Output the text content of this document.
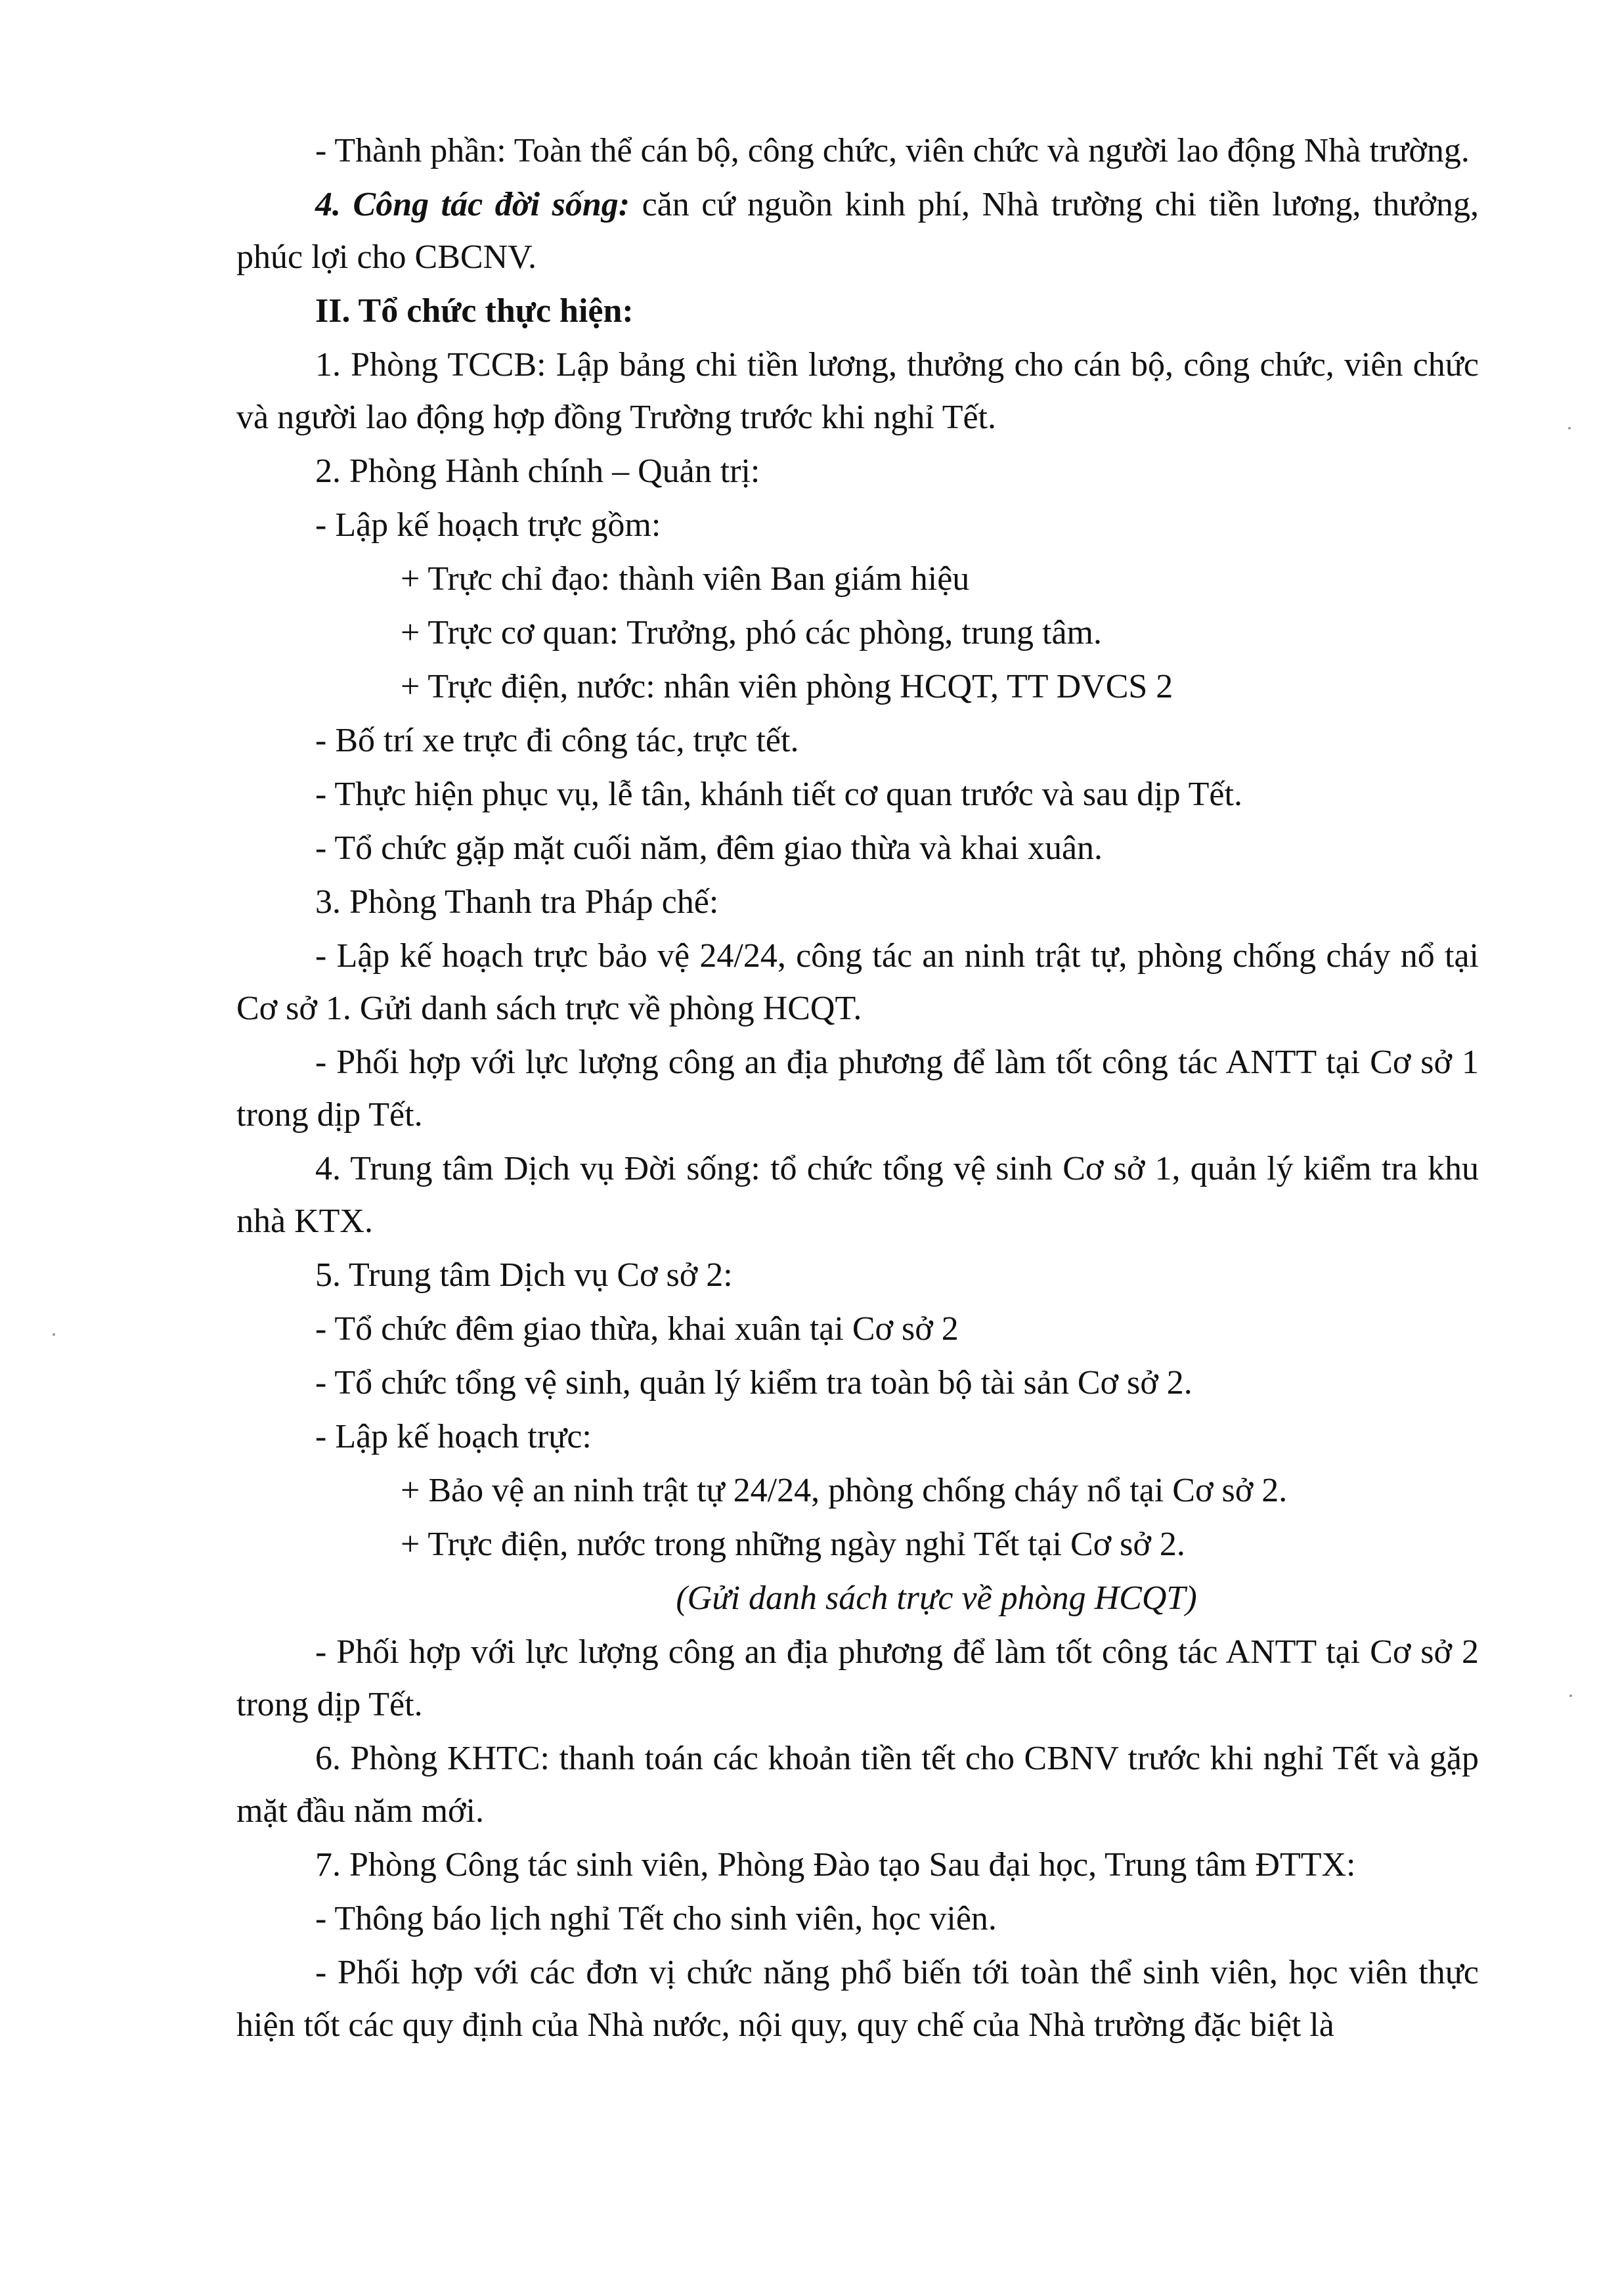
- Thành phần: Toàn thể cán bộ, công chức, viên chức và người lao động Nhà trường.

4. Công tác đời sống: căn cứ nguồn kinh phí, Nhà trường chi tiền lương, thưởng, phúc lợi cho CBCNV.

II. Tổ chức thực hiện:

1. Phòng TCCB: Lập bảng chi tiền lương, thưởng cho cán bộ, công chức, viên chức và người lao động hợp đồng Trường trước khi nghỉ Tết.

2. Phòng Hành chính – Quản trị:
- Lập kế hoạch trực gồm:
+ Trực chỉ đạo: thành viên Ban giám hiệu
+ Trực cơ quan: Trưởng, phó các phòng, trung tâm.
+ Trực điện, nước: nhân viên phòng HCQT, TT DVCS 2
- Bố trí xe trực đi công tác, trực tết.
- Thực hiện phục vụ, lễ tân, khánh tiết cơ quan trước và sau dịp Tết.
- Tổ chức gặp mặt cuối năm, đêm giao thừa và khai xuân.
3. Phòng Thanh tra Pháp chế:

- Lập kế hoạch trực bảo vệ 24/24, công tác an ninh trật tự, phòng chống cháy nổ tại Cơ sở 1. Gửi danh sách trực về phòng HCQT.

- Phối hợp với lực lượng công an địa phương để làm tốt công tác ANTT tại Cơ sở 1 trong dịp Tết.

4. Trung tâm Dịch vụ Đời sống: tổ chức tổng vệ sinh Cơ sở 1, quản lý kiểm tra khu nhà KTX.

5. Trung tâm Dịch vụ Cơ sở 2:
- Tổ chức đêm giao thừa, khai xuân tại Cơ sở 2
- Tổ chức tổng vệ sinh, quản lý kiểm tra toàn bộ tài sản Cơ sở 2.
- Lập kế hoạch trực:
+ Bảo vệ an ninh trật tự 24/24, phòng chống cháy nổ tại Cơ sở 2.
+ Trực điện, nước trong những ngày nghỉ Tết tại Cơ sở 2.
(Gửi danh sách trực về phòng HCQT)

- Phối hợp với lực lượng công an địa phương để làm tốt công tác ANTT tại Cơ sở 2 trong dịp Tết.

6. Phòng KHTC: thanh toán các khoản tiền tết cho CBNV trước khi nghỉ Tết và gặp mặt đầu năm mới.

7. Phòng Công tác sinh viên, Phòng Đào tạo Sau đại học, Trung tâm ĐTTX:
- Thông báo lịch nghỉ Tết cho sinh viên, học viên.

- Phối hợp với các đơn vị chức năng phổ biến tới toàn thể sinh viên, học viên thực hiện tốt các quy định của Nhà nước, nội quy, quy chế của Nhà trường đặc biệt là
